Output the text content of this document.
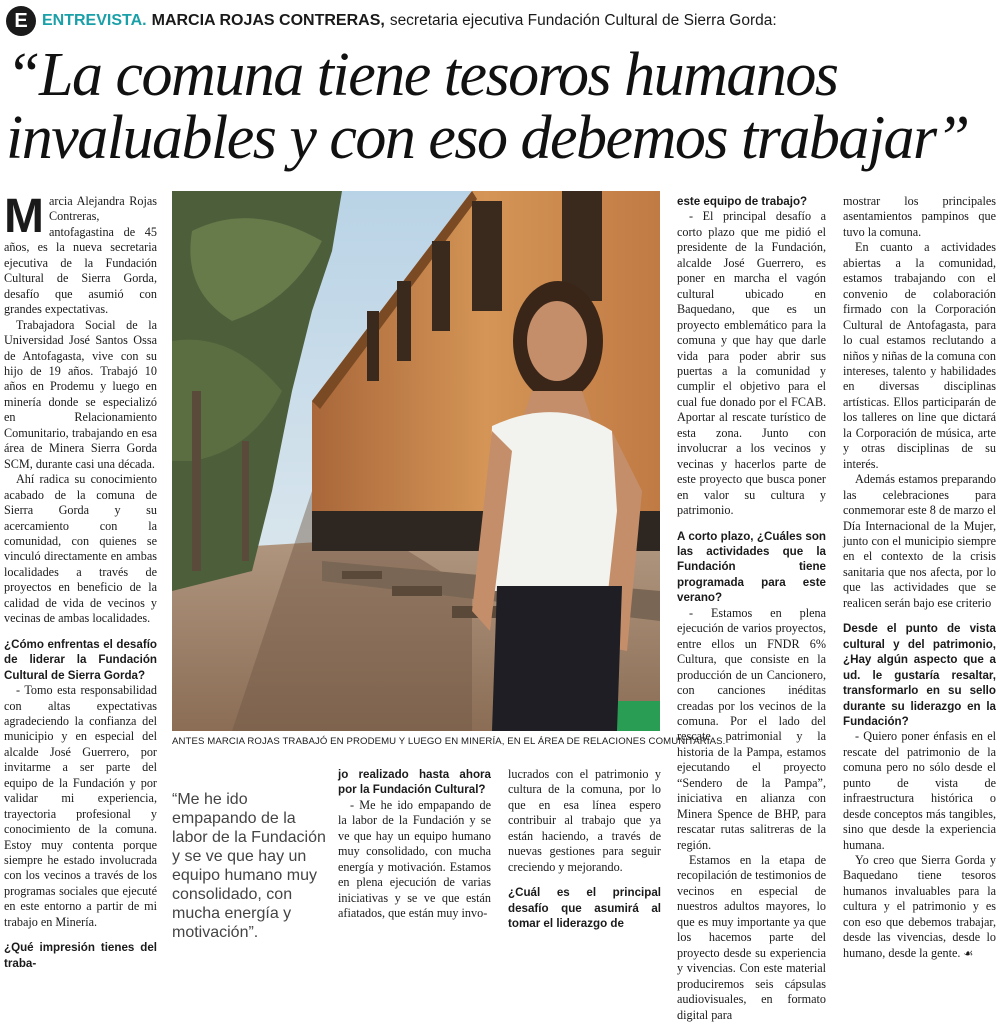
E ENTREVISTA. MARCIA ROJAS CONTRERAS, secretaria ejecutiva Fundación Cultural de Sierra Gorda:
“La comuna tiene tesoros humanos
invaluables y con eso debemos trabajar”

Marcia Alejandra Rojas Contreras, antofagastina de 45 años, es la nueva secretaria ejecutiva de la Fundación Cultural de Sierra Gorda, desafío que asumió con grandes expectativas.

Trabajadora Social de la Universidad José Santos Ossa de Antofagasta, vive con su hijo de 19 años. Trabajó 10 años en Prodemu y luego en minería donde se especializó en Relacionamiento Comunitario, trabajando en esa área de Minera Sierra Gorda SCM, durante casi una década.

Ahí radica su conocimiento acabado de la comuna de Sierra Gorda y su acercamiento con la comunidad, con quienes se vinculó directamente en ambas localidades a través de proyectos en beneficio de la calidad de vida de vecinos y vecinas de ambas localidades.

¿Cómo enfrentas el desafío de liderar la Fundación Cultural de Sierra Gorda?

- Tomo esta responsabilidad con altas expectativas agradeciendo la confianza del municipio y en especial del alcalde José Guerrero, por invitarme a ser parte del equipo de la Fundación y por validar mi experiencia, trayectoria profesional y conocimiento de la comuna. Estoy muy contenta porque siempre he estado involucrada con los vecinos a través de los programas sociales que ejecuté en este entorno a partir de mi trabajo en Minería.

¿Qué impresión tienes del traba-

ANTES MARCIA ROJAS TRABAJÓ EN PRODEMU Y LUEGO EN MINERÍA, EN EL ÁREA DE RELACIONES COMUNITARIAS.
“Me he ido empapando de la labor de la Fundación y se ve que hay un equipo humano muy consolidado, con mucha energía y motivación”.

jo realizado hasta ahora por la Fundación Cultural?

- Me he ido empapando de la labor de la Fundación y se ve que hay un equipo humano muy consolidado, con mucha energía y motivación. Estamos en plena ejecución de varias iniciativas y se ve que están afiatados, que están muy invo-

lucrados con el patrimonio y cultura de la comuna, por lo que en esa línea espero contribuir al trabajo que ya están haciendo, a través de nuevas gestiones para seguir creciendo y mejorando.

¿Cuál es el principal desafío que asumirá al tomar el liderazgo de

este equipo de trabajo?

- El principal desafío a corto plazo que me pidió el presidente de la Fundación, alcalde José Guerrero, es poner en marcha el vagón cultural ubicado en Baquedano, que es un proyecto emblemático para la comuna y que hay que darle vida para poder abrir sus puertas a la comunidad y cumplir el objetivo para el cual fue donado por el FCAB. Aportar al rescate turístico de esta zona. Junto con involucrar a los vecinos y vecinas y hacerlos parte de este proyecto que busca poner en valor su cultura y patrimonio.

A corto plazo, ¿Cuáles son las actividades que la Fundación tiene programada para este verano?

- Estamos en plena ejecución de varios proyectos, entre ellos un FNDR 6% Cultura, que consiste en la producción de un Cancionero, con canciones inéditas creadas por los vecinos de la comuna. Por el lado del rescate patrimonial y la historia de la Pampa, estamos ejecutando el proyecto “Sendero de la Pampa”, iniciativa en alianza con Minera Spence de BHP, para rescatar rutas salitreras de la región.

Estamos en la etapa de recopilación de testimonios de vecinos en especial de nuestros adultos mayores, lo que es muy importante ya que los hacemos parte del proyecto desde su experiencia y vivencias. Con este material produciremos seis cápsulas audiovisuales, en formato digital para

mostrar los principales asentamientos pampinos que tuvo la comuna.

En cuanto a actividades abiertas a la comunidad, estamos trabajando con el convenio de colaboración firmado con la Corporación Cultural de Antofagasta, para lo cual estamos reclutando a niños y niñas de la comuna con intereses, talento y habilidades en diversas disciplinas artísticas. Ellos participarán de los talleres on line que dictará la Corporación de música, arte y otras disciplinas de su interés.

Además estamos preparando las celebraciones para conmemorar este 8 de marzo el Día Internacional de la Mujer, junto con el municipio siempre en el contexto de la crisis sanitaria que nos afecta, por lo que las actividades que se realicen serán bajo ese criterio

Desde el punto de vista cultural y del patrimonio, ¿Hay algún aspecto que a ud. le gustaría resaltar, transformarlo en su sello durante su liderazgo en la Fundación?

- Quiero poner énfasis en el rescate del patrimonio de la comuna pero no sólo desde el punto de vista de infraestructura histórica o desde conceptos más tangibles, sino que desde la experiencia humana.

Yo creo que Sierra Gorda y Baquedano tiene tesoros humanos invaluables para la cultura y el patrimonio y es con eso que debemos trabajar, desde las vivencias, desde lo humano, desde la gente. ☙
